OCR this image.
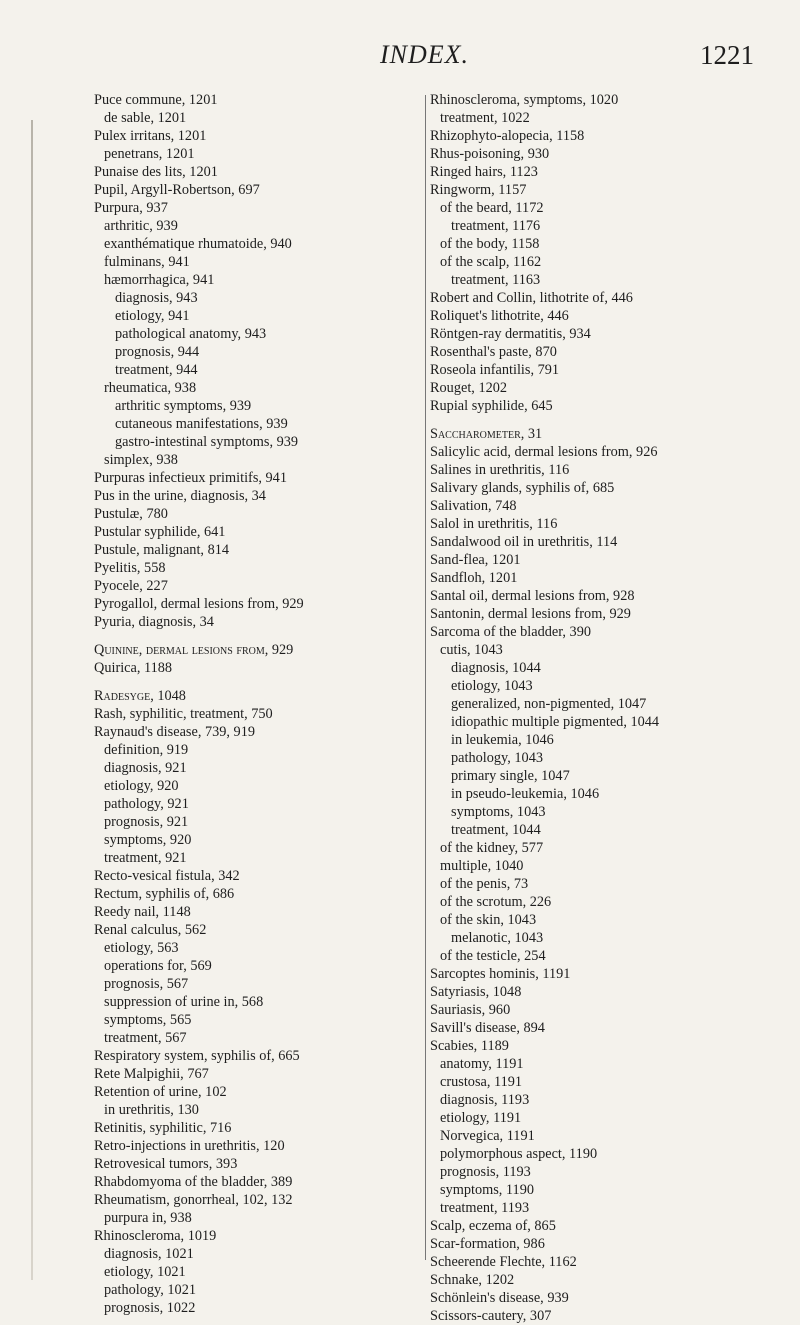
INDEX.	1221
Puce commune, 1201
de sable, 1201
Pulex irritans, 1201
penetrans, 1201
Punaise des lits, 1201
Pupil, Argyll-Robertson, 697
Purpura, 937
arthritic, 939
exanthématique rhumatoide, 940
fulminans, 941
hæmorrhagica, 941
diagnosis, 943
etiology, 941
pathological anatomy, 943
prognosis, 944
treatment, 944
rheumatica, 938
arthritic symptoms, 939
cutaneous manifestations, 939
gastro-intestinal symptoms, 939
simplex, 938
Purpuras infectieux primitifs, 941
Pus in the urine, diagnosis, 34
Pustulæ, 780
Pustular syphilide, 641
Pustule, malignant, 814
Pyelitis, 558
Pyocele, 227
Pyrogallol, dermal lesions from, 929
Pyuria, diagnosis, 34
Quinine, dermal lesions from, 929
Quirica, 1188
Radesyge, 1048
Rash, syphilitic, treatment, 750
Raynaud's disease, 739, 919
definition, 919
diagnosis, 921
etiology, 920
pathology, 921
prognosis, 921
symptoms, 920
treatment, 921
Recto-vesical fistula, 342
Rectum, syphilis of, 686
Reedy nail, 1148
Renal calculus, 562
etiology, 563
operations for, 569
prognosis, 567
suppression of urine in, 568
symptoms, 565
treatment, 567
Respiratory system, syphilis of, 665
Rete Malpighii, 767
Retention of urine, 102
in urethritis, 130
Retinitis, syphilitic, 716
Retro-injections in urethritis, 120
Retrovesical tumors, 393
Rhabdomyoma of the bladder, 389
Rheumatism, gonorrheal, 102, 132
purpura in, 938
Rhinoscleroma, 1019
diagnosis, 1021
etiology, 1021
pathology, 1021
prognosis, 1022
Rhinoscleroma, symptoms, 1020
treatment, 1022
Rhizophyto-alopecia, 1158
Rhus-poisoning, 930
Ringed hairs, 1123
Ringworm, 1157
of the beard, 1172
treatment, 1176
of the body, 1158
of the scalp, 1162
treatment, 1163
Robert and Collin, lithotrite of, 446
Roliquet's lithotrite, 446
Röntgen-ray dermatitis, 934
Rosenthal's paste, 870
Roseola infantilis, 791
Rouget, 1202
Rupial syphilide, 645
Saccharometer, 31
Salicylic acid, dermal lesions from, 926
Salines in urethritis, 116
Salivary glands, syphilis of, 685
Salivation, 748
Salol in urethritis, 116
Sandalwood oil in urethritis, 114
Sand-flea, 1201
Sandfloh, 1201
Santal oil, dermal lesions from, 928
Santonin, dermal lesions from, 929
Sarcoma of the bladder, 390
cutis, 1043
diagnosis, 1044
etiology, 1043
generalized, non-pigmented, 1047
idiopathic multiple pigmented, 1044
in leukemia, 1046
pathology, 1043
primary single, 1047
in pseudo-leukemia, 1046
symptoms, 1043
treatment, 1044
of the kidney, 577
multiple, 1040
of the penis, 73
of the scrotum, 226
of the skin, 1043
melanotic, 1043
of the testicle, 254
Sarcoptes hominis, 1191
Satyriasis, 1048
Sauriasis, 960
Savill's disease, 894
Scabies, 1189
anatomy, 1191
crustosa, 1191
diagnosis, 1193
etiology, 1191
Norvegica, 1191
polymorphous aspect, 1190
prognosis, 1193
symptoms, 1190
treatment, 1193
Scalp, eczema of, 865
Scar-formation, 986
Scheerende Flechte, 1162
Schnake, 1202
Schönlein's disease, 939
Scissors-cautery, 307
